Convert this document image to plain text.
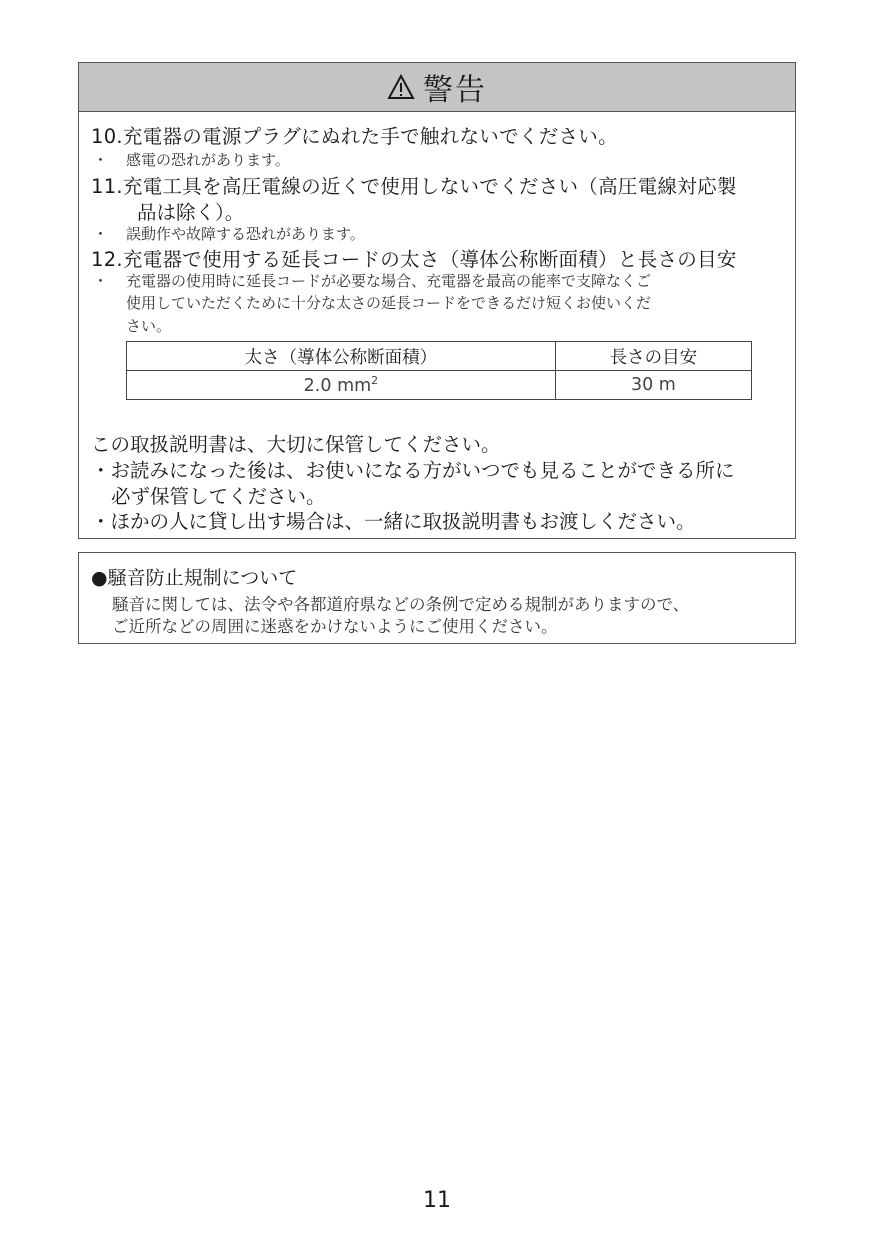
警告
10.充電器の電源プラグにぬれた手で触れないでください。
・ 感電の恐れがあります。
11.充電工具を高圧電線の近くで使用しないでください（高圧電線対応製
品は除く）。
・ 誤動作や故障する恐れがあります。
12.充電器で使用する延長コードの太さ（導体公称断面積）と長さの目安
・ 充電器の使用時に延長コードが必要な場合、充電器を最高の能率で支障なくご
使用していただくために十分な太さの延長コードをできるだけ短くお使いくだ
さい。
太さ（導体公称断面積）	長さの目安
2.0 $mm^2$	30 m
この取扱説明書は、大切に保管してください。
・お読みになった後は、お使いになる方がいつでも見ることができる所に
必ず保管してください。
・ほかの人に貸し出す場合は、一緒に取扱説明書もお渡しください。
●騒音防止規制について
騒音に関しては、法令や各都道府県などの条例で定める規制がありますので、
ご近所などの周囲に迷惑をかけないようにご使用ください。
11
